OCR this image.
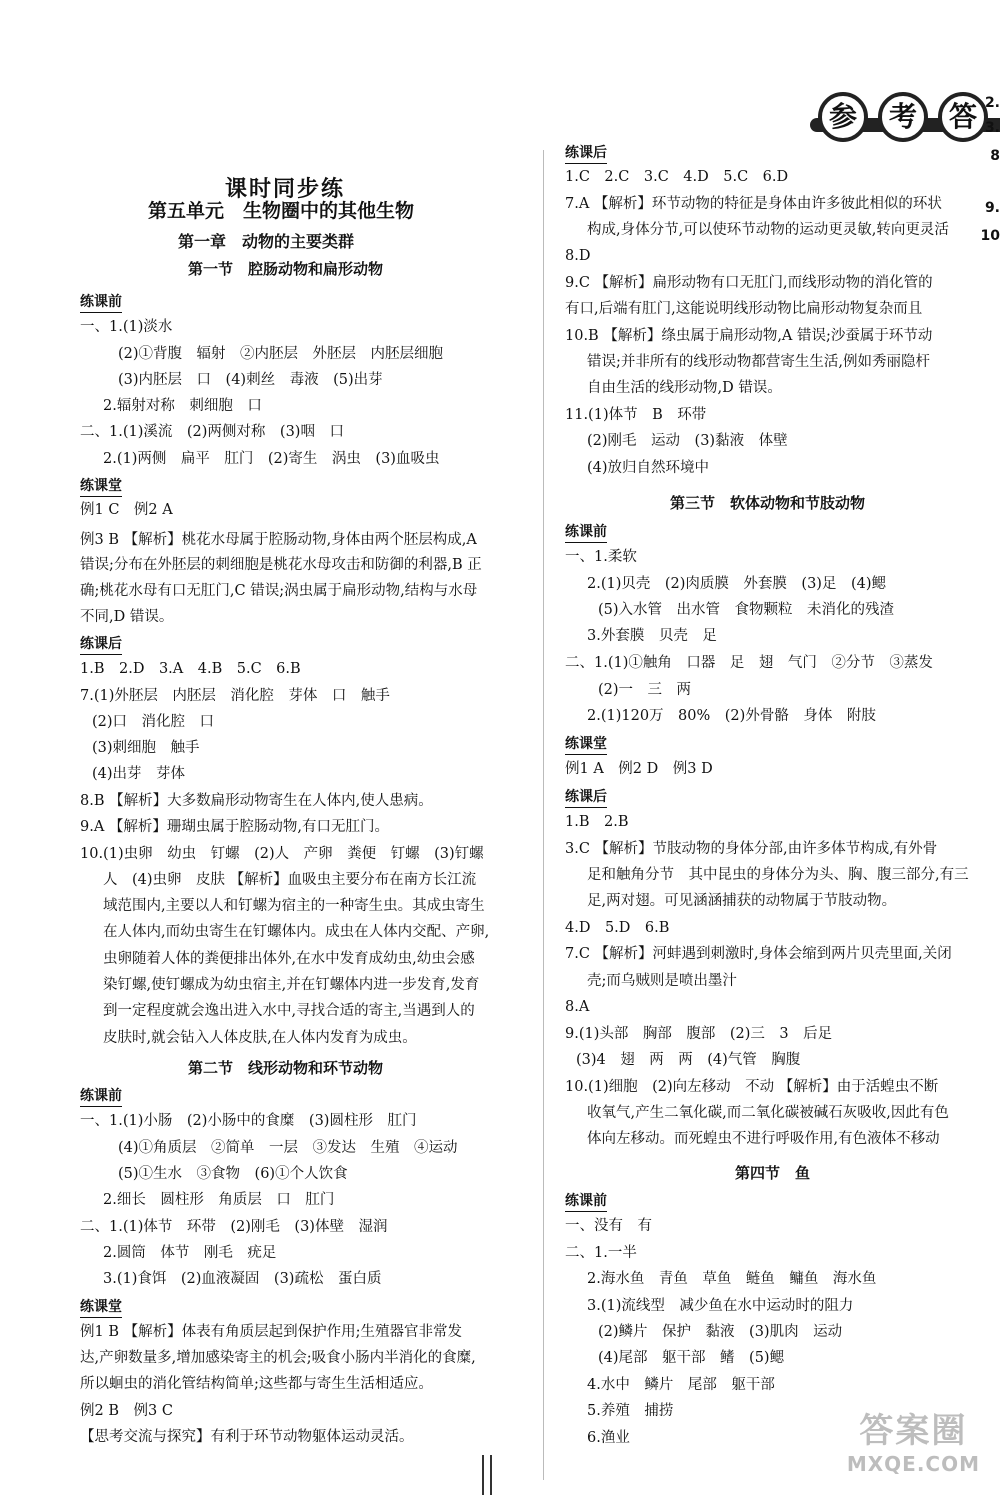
参	考	答 2.
3.
8
9.
10
课时同步练
第五单元　生物圈中的其他生物
第一章　动物的主要类群
第一节　腔肠动物和扁形动物
练课前
一、1.(1)淡水
(2)①背腹　辐射　②内胚层　外胚层　内胚层细胞
(3)内胚层　口　(4)刺丝　毒液　(5)出芽
2.辐射对称　刺细胞　口
二、1.(1)溪流　(2)两侧对称　(3)咽　口
2.(1)两侧　扁平　肛门　(2)寄生　涡虫　(3)血吸虫
练课堂
例1 C　例2 A
例3 B 【解析】桃花水母属于腔肠动物,身体由两个胚层构成,A
错误;分布在外胚层的刺细胞是桃花水母攻击和防御的利器,B 正
确;桃花水母有口无肛门,C 错误;涡虫属于扁形动物,结构与水母
不同,D 错误。
练课后
1.B　2.D　3.A　4.B　5.C　6.B
7.(1)外胚层　内胚层　消化腔　芽体　口　触手
(2)口　消化腔　口
(3)刺细胞　触手
(4)出芽　芽体
8.B 【解析】大多数扁形动物寄生在人体内,使人患病。
9.A 【解析】珊瑚虫属于腔肠动物,有口无肛门。
10.(1)虫卵　幼虫　钉螺　(2)人　产卵　粪便　钉螺　(3)钉螺
人　(4)虫卵　皮肤 【解析】血吸虫主要分布在南方长江流
域范围内,主要以人和钉螺为宿主的一种寄生虫。其成虫寄生
在人体内,而幼虫寄生在钉螺体内。成虫在人体内交配、产卵,
虫卵随着人体的粪便排出体外,在水中发育成幼虫,幼虫会感
染钉螺,使钉螺成为幼虫宿主,并在钉螺体内进一步发育,发育
到一定程度就会逸出进入水中,寻找合适的寄主,当遇到人的
皮肤时,就会钻入人体皮肤,在人体内发育为成虫。
第二节　线形动物和环节动物
练课前
一、1.(1)小肠　(2)小肠中的食糜　(3)圆柱形　肛门
(4)①角质层　②简单　一层　③发达　生殖　④运动
(5)①生水　③食物　(6)①个人饮食
2.细长　圆柱形　角质层　口　肛门
二、1.(1)体节　环带　(2)刚毛　(3)体壁　湿润
2.圆筒　体节　刚毛　疣足
3.(1)食饵　(2)血液凝固　(3)疏松　蛋白质
练课堂
例1 B 【解析】体表有角质层起到保护作用;生殖器官非常发
达,产卵数量多,增加感染寄主的机会;吸食小肠内半消化的食糜,
所以蛔虫的消化管结构简单;这些都与寄生生活相适应。
例2 B　例3 C
【思考交流与探究】有利于环节动物躯体运动灵活。
练课后
1.C　2.C　3.C　4.D　5.C　6.D
7.A 【解析】环节动物的特征是身体由许多彼此相似的环状
构成,身体分节,可以使环节动物的运动更灵敏,转向更灵活
8.D
9.C 【解析】扁形动物有口无肛门,而线形动物的消化管的
有口,后端有肛门,这能说明线形动物比扁形动物复杂而且
10.B 【解析】绦虫属于扁形动物,A 错误;沙蚕属于环节动
错误;并非所有的线形动物都营寄生生活,例如秀丽隐杆
自由生活的线形动物,D 错误。
11.(1)体节　B　环带
(2)刚毛　运动　(3)黏液　体壁
(4)放归自然环境中
第三节　软体动物和节肢动物
练课前
一、1.柔软
2.(1)贝壳　(2)肉质膜　外套膜　(3)足　(4)鳃
(5)入水管　出水管　食物颗粒　未消化的残渣
3.外套膜　贝壳　足
二、1.(1)①触角　口器　足　翅　气门　②分节　③蒸发
(2)一　三　两
2.(1)120万　80%　(2)外骨骼　身体　附肢
练课堂
例1 A　例2 D　例3 D
练课后
1.B　2.B
3.C 【解析】节肢动物的身体分部,由许多体节构成,有外骨
足和触角分节　其中昆虫的身体分为头、胸、腹三部分,有三
足,两对翅。可见涵涵捕获的动物属于节肢动物。
4.D　5.D　6.B
7.C 【解析】河蚌遇到刺激时,身体会缩到两片贝壳里面,关闭
壳;而乌贼则是喷出墨汁
8.A
9.(1)头部　胸部　腹部　(2)三　3　后足
(3)4　翅　两　两　(4)气管　胸腹
10.(1)细胞　(2)向左移动　不动 【解析】由于活蝗虫不断
收氧气,产生二氧化碳,而二氧化碳被碱石灰吸收,因此有色
体向左移动。而死蝗虫不进行呼吸作用,有色液体不移动
第四节　鱼
练课前
一、没有　有
二、1.一半
2.海水鱼　青鱼　草鱼　鲢鱼　鳙鱼　海水鱼
3.(1)流线型　减少鱼在水中运动时的阻力
(2)鳞片　保护　黏液　(3)肌肉　运动
(4)尾部　躯干部　鳍　(5)鳃
4.水中　鳞片　尾部　躯干部
5.养殖　捕捞
6.渔业	答案圈
MXQE.COM
